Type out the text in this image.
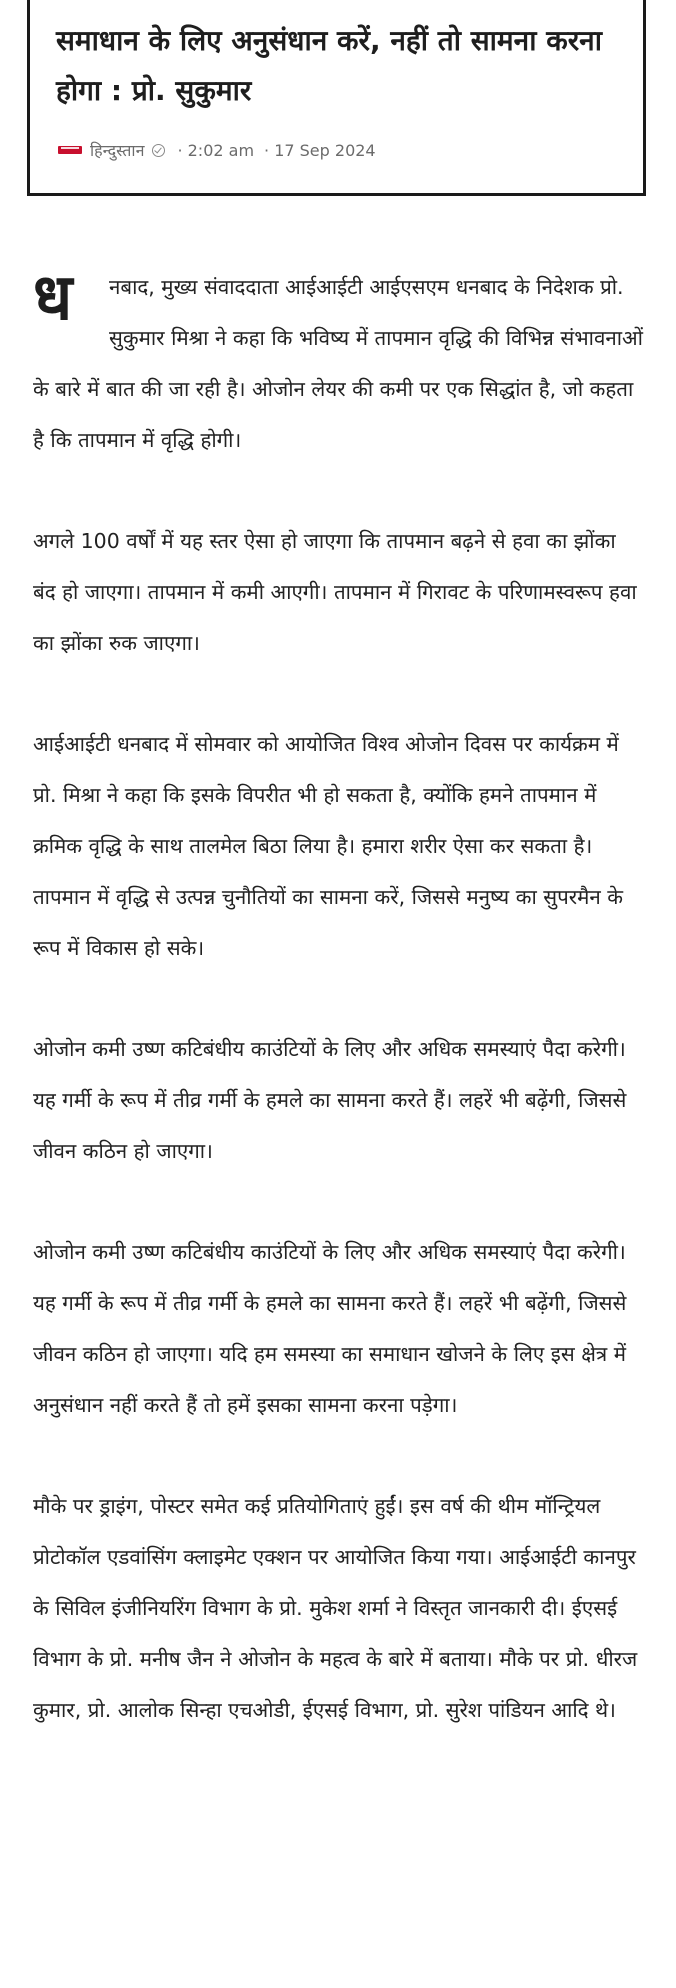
समाधान के लिए अनुसंधान करें, नहीं तो सामना करना होगा : प्रो. सुकुमार
हिन्दुस्तान · 2:02 am · 17 Sep 2024

ध	नबाद, मुख्य संवाददाता आईआईटी आईएसएम धनबाद के निदेशक प्रो. सुकुमार मिश्रा ने कहा कि भविष्य में तापमान वृद्धि की विभिन्न संभावनाओं के बारे में बात की जा रही है। ओजोन लेयर की कमी पर एक सिद्धांत है, जो कहता है कि तापमान में वृद्धि होगी।

अगले 100 वर्षों में यह स्तर ऐसा हो जाएगा कि तापमान बढ़ने से हवा का झोंका बंद हो जाएगा। तापमान में कमी आएगी। तापमान में गिरावट के परिणामस्वरूप हवा का झोंका रुक जाएगा।

आईआईटी धनबाद में सोमवार को आयोजित विश्व ओजोन दिवस पर कार्यक्रम में प्रो. मिश्रा ने कहा कि इसके विपरीत भी हो सकता है, क्योंकि हमने तापमान में क्रमिक वृद्धि के साथ तालमेल बिठा लिया है। हमारा शरीर ऐसा कर सकता है। तापमान में वृद्धि से उत्पन्न चुनौतियों का सामना करें, जिससे मनुष्य का सुपरमैन के रूप में विकास हो सके।

ओजोन कमी उष्ण कटिबंधीय काउंटियों के लिए और अधिक समस्याएं पैदा करेगी। यह गर्मी के रूप में तीव्र गर्मी के हमले का सामना करते हैं। लहरें भी बढ़ेंगी, जिससे जीवन कठिन हो जाएगा।

ओजोन कमी उष्ण कटिबंधीय काउंटियों के लिए और अधिक समस्याएं पैदा करेगी। यह गर्मी के रूप में तीव्र गर्मी के हमले का सामना करते हैं। लहरें भी बढ़ेंगी, जिससे जीवन कठिन हो जाएगा। यदि हम समस्या का समाधान खोजने के लिए इस क्षेत्र में अनुसंधान नहीं करते हैं तो हमें इसका सामना करना पड़ेगा।

मौके पर ड्राइंग, पोस्टर समेत कई प्रतियोगिताएं हुईं। इस वर्ष की थीम मॉन्ट्रियल प्रोटोकॉल एडवांसिंग क्लाइमेट एक्शन पर आयोजित किया गया। आईआईटी कानपुर के सिविल इंजीनियरिंग विभाग के प्रो. मुकेश शर्मा ने विस्तृत जानकारी दी। ईएसई विभाग के प्रो. मनीष जैन ने ओजोन के महत्व के बारे में बताया। मौके पर प्रो. धीरज कुमार, प्रो. आलोक सिन्हा एचओडी, ईएसई विभाग, प्रो. सुरेश पांडियन आदि थे।
